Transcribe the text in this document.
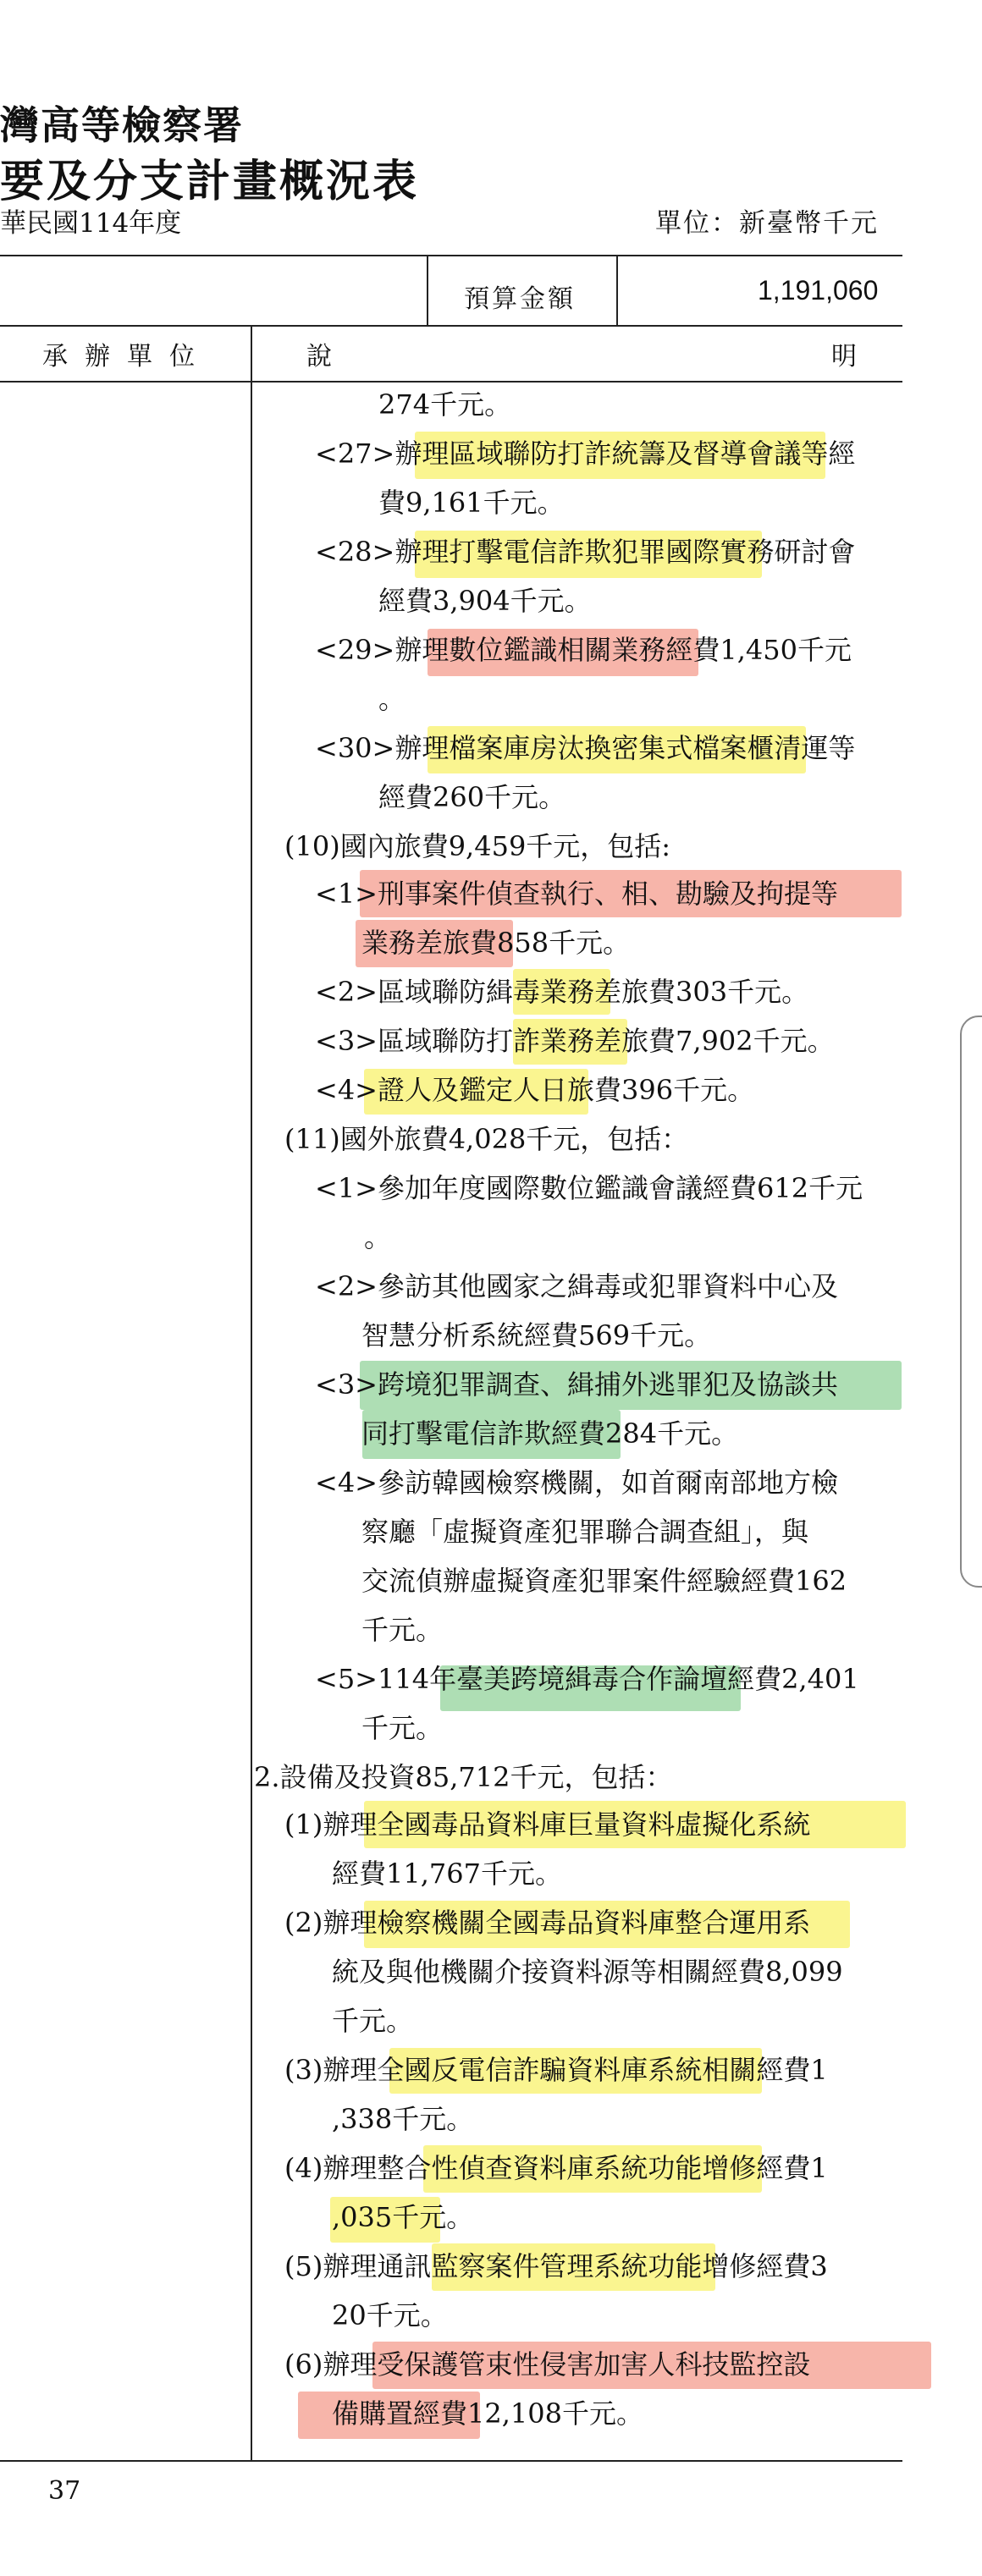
灣高等檢察署
要及分支計畫概況表
華民國114年度	單位：新臺幣千元
預算金額	1,191,060
承辦單位	說	明
274千元。
<27>辦理區域聯防打詐統籌及督導會議等經
費9,161千元。
<28>辦理打擊電信詐欺犯罪國際實務研討會
經費3,904千元。
<29>辦理數位鑑識相關業務經費1,450千元
。
<30>辦理檔案庫房汰換密集式檔案櫃清運等
經費260千元。
(10)國內旅費9,459千元，包括:
<1>刑事案件偵查執行、相、勘驗及拘提等
業務差旅費858千元。
<2>區域聯防緝毒業務差旅費303千元。
<3>區域聯防打詐業務差旅費7,902千元。
<4>證人及鑑定人日旅費396千元。
(11)國外旅費4,028千元，包括：
<1>參加年度國際數位鑑識會議經費612千元
。
<2>參訪其他國家之緝毒或犯罪資料中心及
智慧分析系統經費569千元。
<3>跨境犯罪調查、緝捕外逃罪犯及協談共
同打擊電信詐欺經費284千元。
<4>參訪韓國檢察機關，如首爾南部地方檢
察廳「虛擬資產犯罪聯合調查組」，與
交流偵辦虛擬資產犯罪案件經驗經費162
千元。
<5>114年臺美跨境緝毒合作論壇經費2,401
千元。
2.設備及投資85,712千元，包括：
(1)辦理全國毒品資料庫巨量資料虛擬化系統
經費11,767千元。
(2)辦理檢察機關全國毒品資料庫整合運用系
統及與他機關介接資料源等相關經費8,099
千元。
(3)辦理全國反電信詐騙資料庫系統相關經費1
,338千元。
(4)辦理整合性偵查資料庫系統功能增修經費1
,035千元。
(5)辦理通訊監察案件管理系統功能增修經費3
20千元。
(6)辦理受保護管束性侵害加害人科技監控設
備購置經費12,108千元。
37
